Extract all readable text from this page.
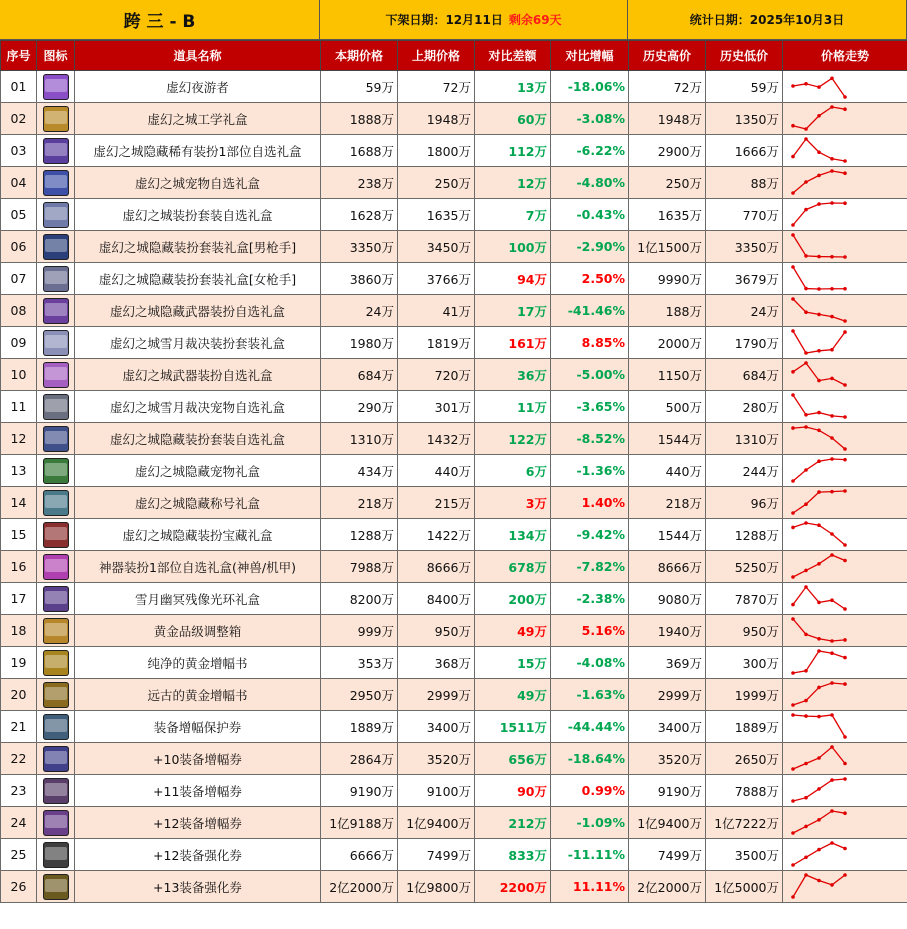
跨 三 - B	下架日期：12月11日 剩余69天	统计日期：2025年10月3日
序号	图标	道具名称	本期价格	上期价格	对比差额	对比增幅	历史高价	历史低价	价格走势
01		虚幻夜游者	59万	72万	13万	-18.06%	72万	59万	

02		虚幻之城工学礼盒	1888万	1948万	60万	-3.08%	1948万	1350万	

03		虚幻之城隐藏稀有装扮1部位自选礼盒	1688万	1800万	112万	-6.22%	2900万	1666万	

04		虚幻之城宠物自选礼盒	238万	250万	12万	-4.80%	250万	88万	

05		虚幻之城装扮套装自选礼盒	1628万	1635万	7万	-0.43%	1635万	770万	

06		虚幻之城隐藏装扮套装礼盒[男枪手]	3350万	3450万	100万	-2.90%	1亿1500万	3350万	

07		虚幻之城隐藏装扮套装礼盒[女枪手]	3860万	3766万	94万	2.50%	9990万	3679万	

08		虚幻之城隐藏武器装扮自选礼盒	24万	41万	17万	-41.46%	188万	24万	

09		虚幻之城雪月裁决装扮套装礼盒	1980万	1819万	161万	8.85%	2000万	1790万	

10		虚幻之城武器装扮自选礼盒	684万	720万	36万	-5.00%	1150万	684万	

11		虚幻之城雪月裁决宠物自选礼盒	290万	301万	11万	-3.65%	500万	280万	

12		虚幻之城隐藏装扮套装自选礼盒	1310万	1432万	122万	-8.52%	1544万	1310万	

13		虚幻之城隐藏宠物礼盒	434万	440万	6万	-1.36%	440万	244万	

14		虚幻之城隐藏称号礼盒	218万	215万	3万	1.40%	218万	96万	

15		虚幻之城隐藏装扮宝藏礼盒	1288万	1422万	134万	-9.42%	1544万	1288万	

16		神器装扮1部位自选礼盒(神兽/机甲)	7988万	8666万	678万	-7.82%	8666万	5250万	

17		雪月幽冥残像光环礼盒	8200万	8400万	200万	-2.38%	9080万	7870万	

18		黄金品级调整箱	999万	950万	49万	5.16%	1940万	950万	

19		纯净的黄金增幅书	353万	368万	15万	-4.08%	369万	300万	

20		远古的黄金增幅书	2950万	2999万	49万	-1.63%	2999万	1999万	

21		装备增幅保护券	1889万	3400万	1511万	-44.44%	3400万	1889万	

22		+10装备增幅券	2864万	3520万	656万	-18.64%	3520万	2650万	

23		+11装备增幅券	9190万	9100万	90万	0.99%	9190万	7888万	

24		+12装备增幅券	1亿9188万	1亿9400万	212万	-1.09%	1亿9400万	1亿7222万	

25		+12装备强化券	6666万	7499万	833万	-11.11%	7499万	3500万	

26		+13装备强化券	2亿2000万	1亿9800万	2200万	11.11%	2亿2000万	1亿5000万	
